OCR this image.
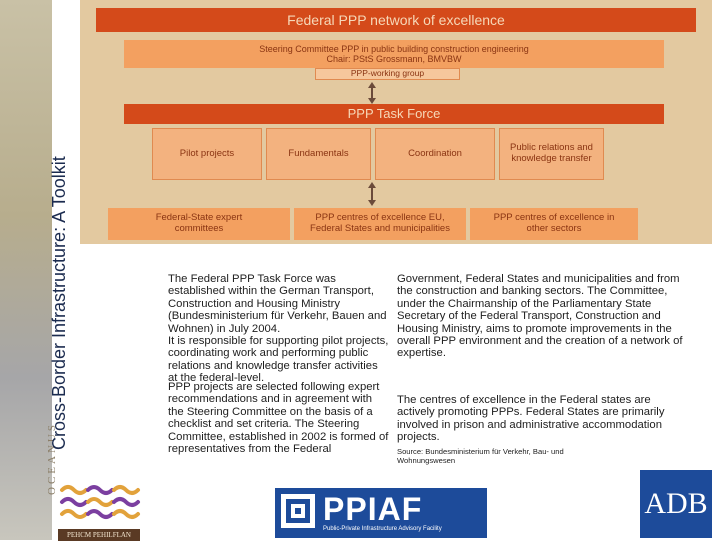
OCEANUS
Cross-Border Infrastructure: A Toolkit
Federal PPP network of excellence
Steering Committee PPP in public building construction engineering
Chair: PStS Grossmann, BMVBW
PPP-working group
PPP Task Force
Pilot projects	Fundamentals	Coordination	Public relations and knowledge transfer
Federal-State expert committees
PPP centres of excellence EU, Federal States and municipalities
PPP centres of excellence in other sectors
The Federal PPP Task Force was established within the German Transport, Construction and Housing Ministry (Bundesministerium für Verkehr, Bauen and Wohnen) in July 2004.
It is responsible for supporting pilot projects, coordinating work and performing public relations and knowledge transfer activities at the federal-level.
PPP projects are selected following expert recommendations and in agreement with the Steering Committee on the basis of a checklist and set criteria. The Steering Committee, established in 2002 is formed of representatives from the Federal
Government, Federal States and municipalities and from the construction and banking sectors. The Committee, under the Chairmanship of the Parliamentary State Secretary of the Federal Transport, Construction and Housing Ministry, aims to promote improvements in the overall PPP environment and the creation of a network of expertise.
The centres of excellence in the Federal states are actively promoting PPPs. Federal States are primarily involved in prison and administrative accommodation projects.
Source: Bundesministerium für Verkehr, Bau- und
Wohnungswesen
PEHCM PEHILFLAN
PPIAF
Public-Private Infrastructure Advisory Facility
ADB
